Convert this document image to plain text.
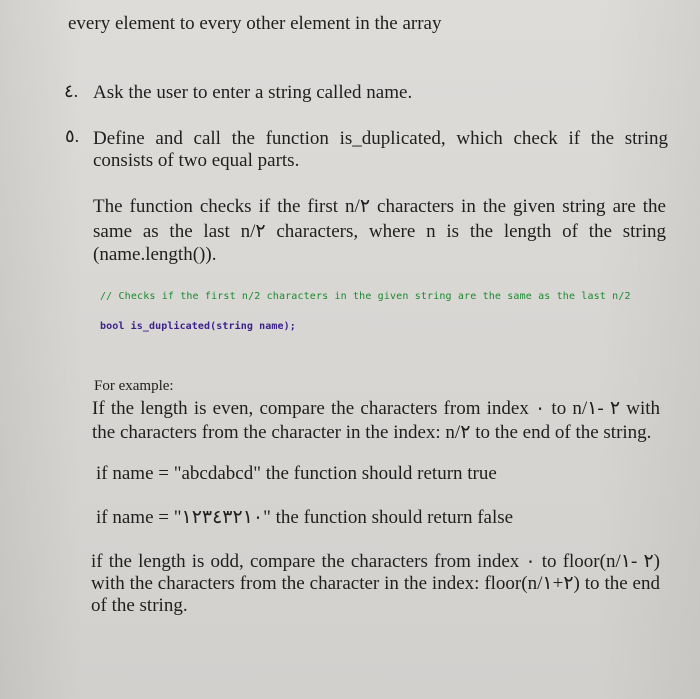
every element to every other element in the array
٤. Ask the user to enter a string called name.
٥. Define and call the function is_duplicated, which check if the string
consists of two equal parts.
The function checks if the first n/٢ characters in the given string are the
same as the last n/٢ characters, where n is the length of the string
(name.length()).
// Checks if the first n/2 characters in the given string are the same as the last n/2
bool is_duplicated(string name);
For example:
If the length is even, compare the characters from index ٠ to n/٢ -١ with
the characters from the character in the index: n/٢ to the end of the string.
if name = "abcdabcd" the function should return true
if name = "١٢٣٤٣٢١٠" the function should return false
if the length is odd, compare the characters from index ٠ to floor(n/٢ -١)
with the characters from the character in the index: floor(n/٢+١) to the end
of the string.
